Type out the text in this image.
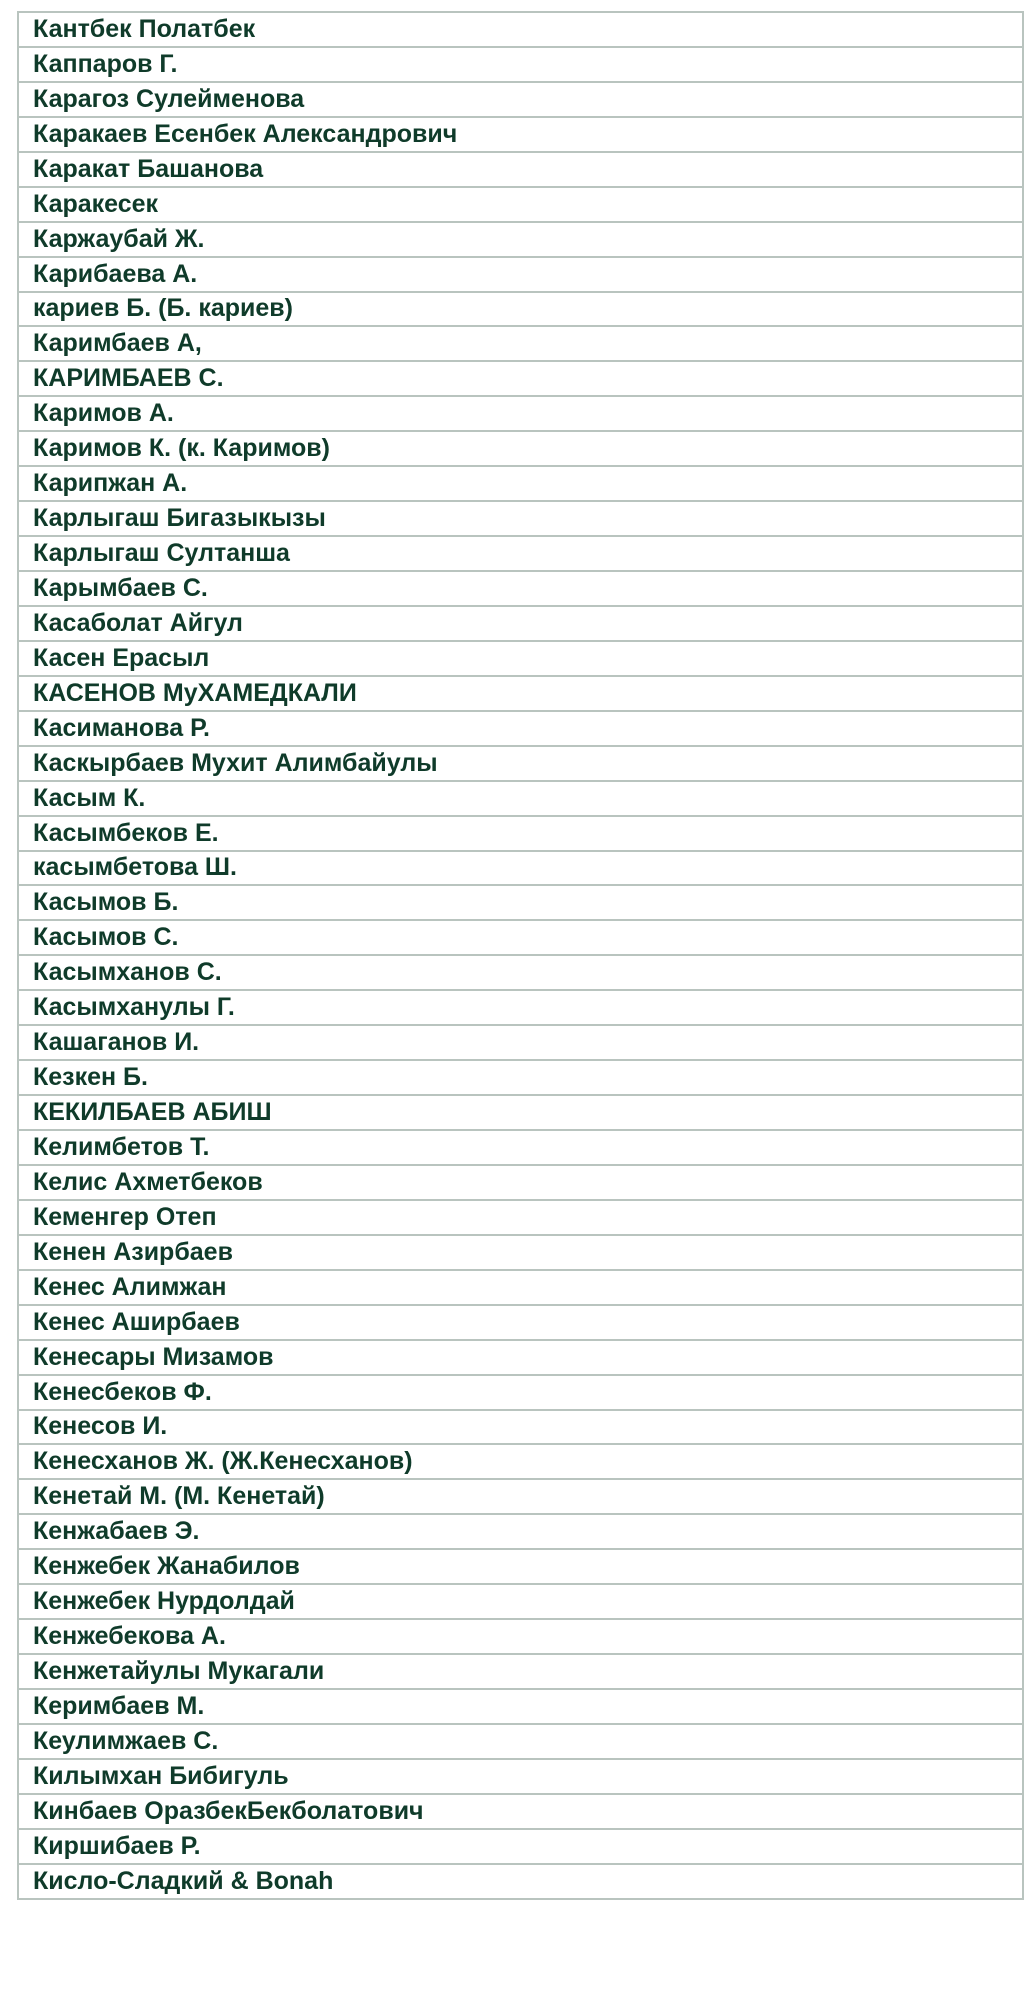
Кантбек Полатбек
Каппаров Г.
Карагоз Сулейменова
Каракаев Есенбек Александрович
Каракат Башанова
Каракесек
Каржаубай Ж.
Карибаева А.
кариев Б. (Б. кариев)
Каримбаев А,
КАРИМБАЕВ С.
Каримов А.
Каримов К. (к. Каримов)
Карипжан А.
Карлыгаш Бигазыкызы
Карлыгаш Султанша
Карымбаев С.
Касаболат Айгул
Касен Ерасыл
КАСЕНОВ МуХАМЕДКАЛИ
Касиманова Р.
Каскырбаев Мухит Алимбайулы
Касым К.
Касымбеков Е.
касымбетова Ш.
Касымов Б.
Касымов С.
Касымханов С.
Касымханулы Г.
Кашаганов И.
Кезкен Б.
КЕКИЛБАЕВ АБИШ
Келимбетов Т.
Келис Ахметбеков
Кеменгер Отеп
Кенен Азирбаев
Кенес Алимжан
Кенес Аширбаев
Кенесары Мизамов
Кенесбеков Ф.
Кенесов И.
Кенесханов Ж. (Ж.Кенесханов)
Кенетай М. (М. Кенетай)
Кенжабаев Э.
Кенжебек Жанабилов
Кенжебек Нурдолдай
Кенжебекова А.
Кенжетайулы Мукагали
Керимбаев М.
Кеулимжаев С.
Килымхан Бибигуль
Кинбаев ОразбекБекболатович
Киршибаев Р.
Кисло-Сладкий & Bonah
